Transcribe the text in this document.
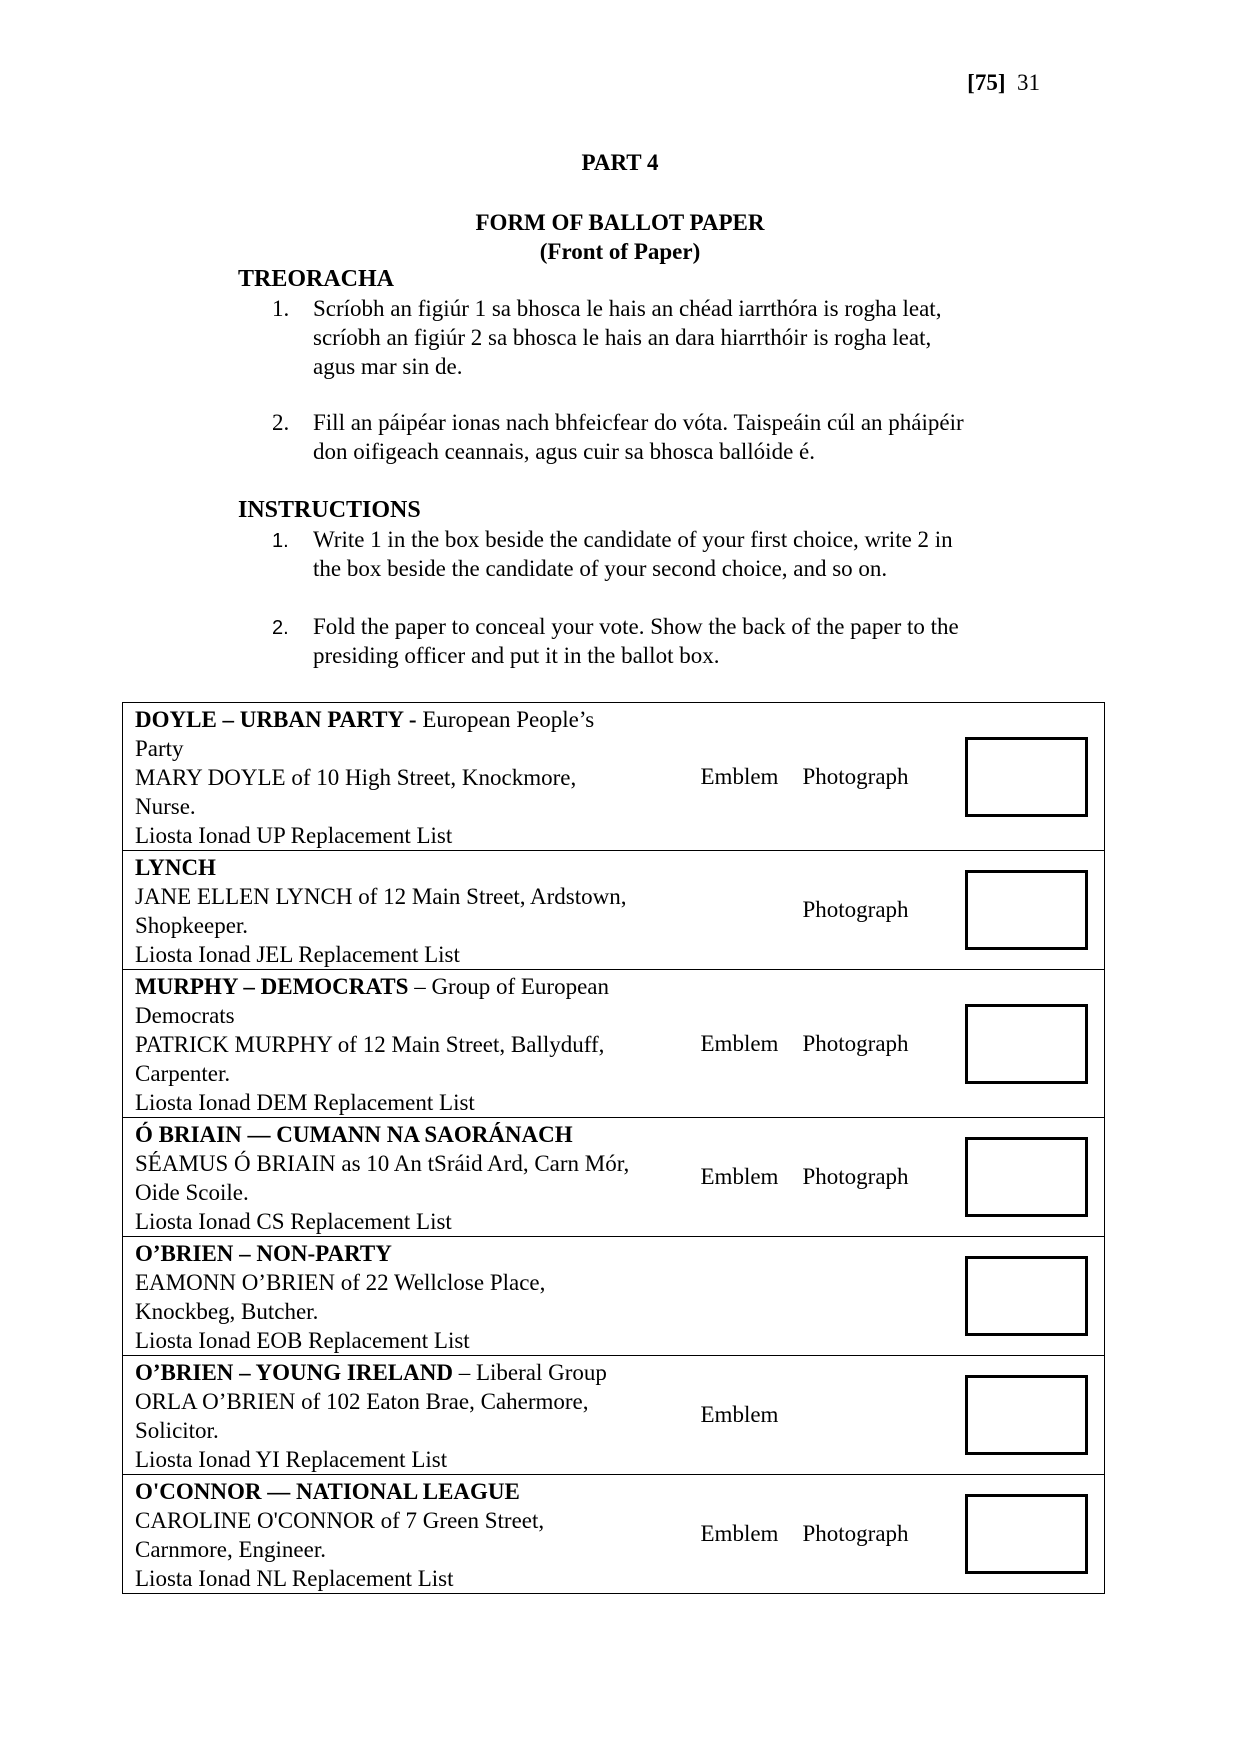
[75] 31
PART 4
FORM OF BALLOT PAPER
(Front of Paper)
TREORACHA
1.	Scríobh an figiúr 1 sa bhosca le hais an chéad iarrthóra is rogha leat,
scríobh an figiúr 2 sa bhosca le hais an dara hiarrthóir is rogha leat,
agus mar sin de.
2.	Fill an páipéar ionas nach bhfeicfear do vóta. Taispeáin cúl an pháipéir
don oifigeach ceannais, agus cuir sa bhosca ballóide é.
INSTRUCTIONS
1.	Write 1 in the box beside the candidate of your first choice, write 2 in
the box beside the candidate of your second choice, and so on.
2.	Fold the paper to conceal your vote. Show the back of the paper to the
presiding officer and put it in the ballot box.
DOYLE – URBAN PARTY - European People’s
Party
MARY DOYLE of 10 High Street, Knockmore,
Nurse.
Liosta Ionad UP Replacement List	Emblem	Photograph	

LYNCH
JANE ELLEN LYNCH of 12 Main Street, Ardstown,
Shopkeeper.
Liosta Ionad JEL Replacement List		Photograph	

MURPHY – DEMOCRATS – Group of European
Democrats
PATRICK MURPHY of 12 Main Street, Ballyduff,
Carpenter.
Liosta Ionad DEM Replacement List	Emblem	Photograph	

Ó BRIAIN — CUMANN NA SAORÁNACH
SÉAMUS Ó BRIAIN as 10 An tSráid Ard, Carn Mór,
Oide Scoile.
Liosta Ionad CS Replacement List	Emblem	Photograph	

O’BRIEN – NON-PARTY
EAMONN O’BRIEN of 22 Wellclose Place,
Knockbeg, Butcher.
Liosta Ionad EOB Replacement List			

O’BRIEN – YOUNG IRELAND – Liberal Group
ORLA O’BRIEN of 102 Eaton Brae, Cahermore,
Solicitor.
Liosta Ionad YI Replacement List	Emblem		

O'CONNOR — NATIONAL LEAGUE
CAROLINE O'CONNOR of 7 Green Street,
Carnmore, Engineer.
Liosta Ionad NL Replacement List	Emblem	Photograph	
